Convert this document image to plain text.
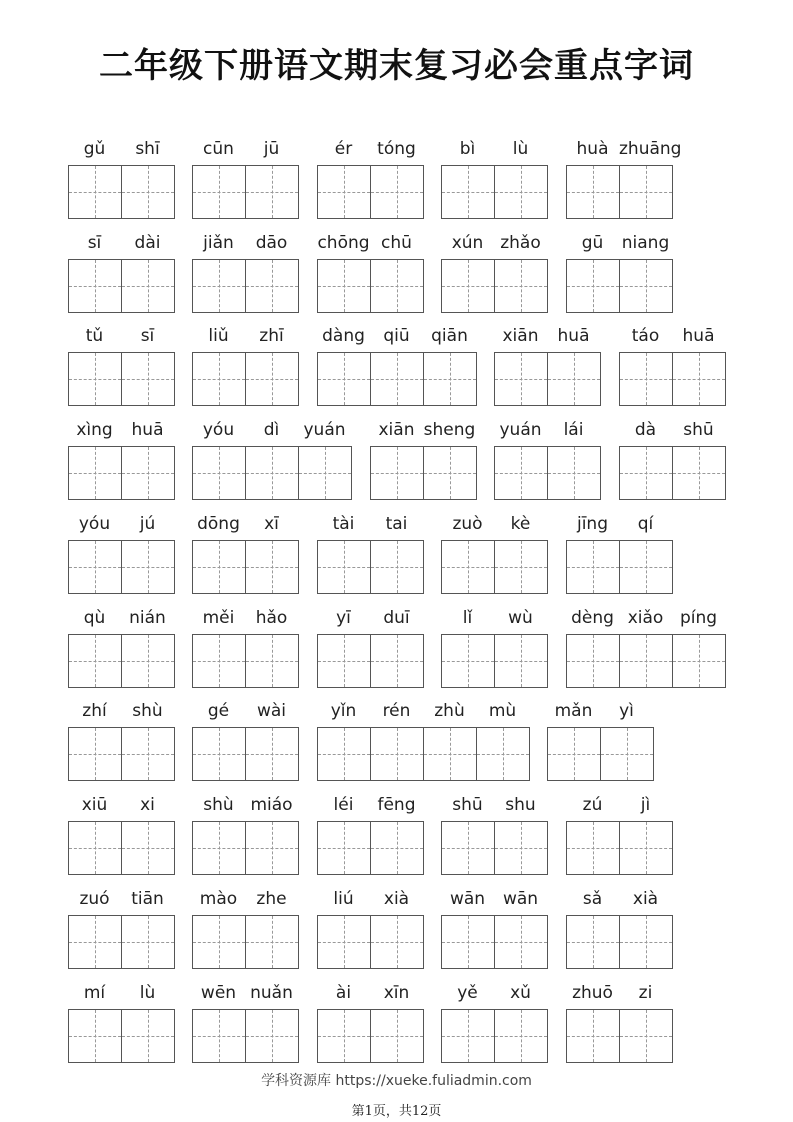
二年级下册语文期末复习必会重点字词
gǔ	shī	cūn	jū	ér	tóng	bì	lù	huà zhuāng
sī	dài	jiǎn	dāo	chōng chū	xún zhǎo	gū	niang
tǔ	sī	liǔ	zhī	dàng	qiū	qiān	xiān	huā	táo	huā
xìng	huā	yóu	dì	yuán	xiān sheng	yuán	lái	dà	shū
yóu	jú	dōng	xī	tài	tai	zuò	kè	jīng	qí
qù	nián	měi	hǎo	yī	duī	lǐ	wù	dèng xiǎo píng
zhí	shù	gé	wài	yǐn	rén	zhù	mù	mǎn	yì
xiū	xi	shù miáo	léi	fēng	shū	shu	zú	jì
zuó	tiān	mào	zhe	liú	xià	wān	wān	sǎ	xià
mí	lù	wēn nuǎn	ài	xīn	yě	xǔ	zhuō	zi
学科资源库 https://xueke.fuliadmin.com
第1页，共12页
